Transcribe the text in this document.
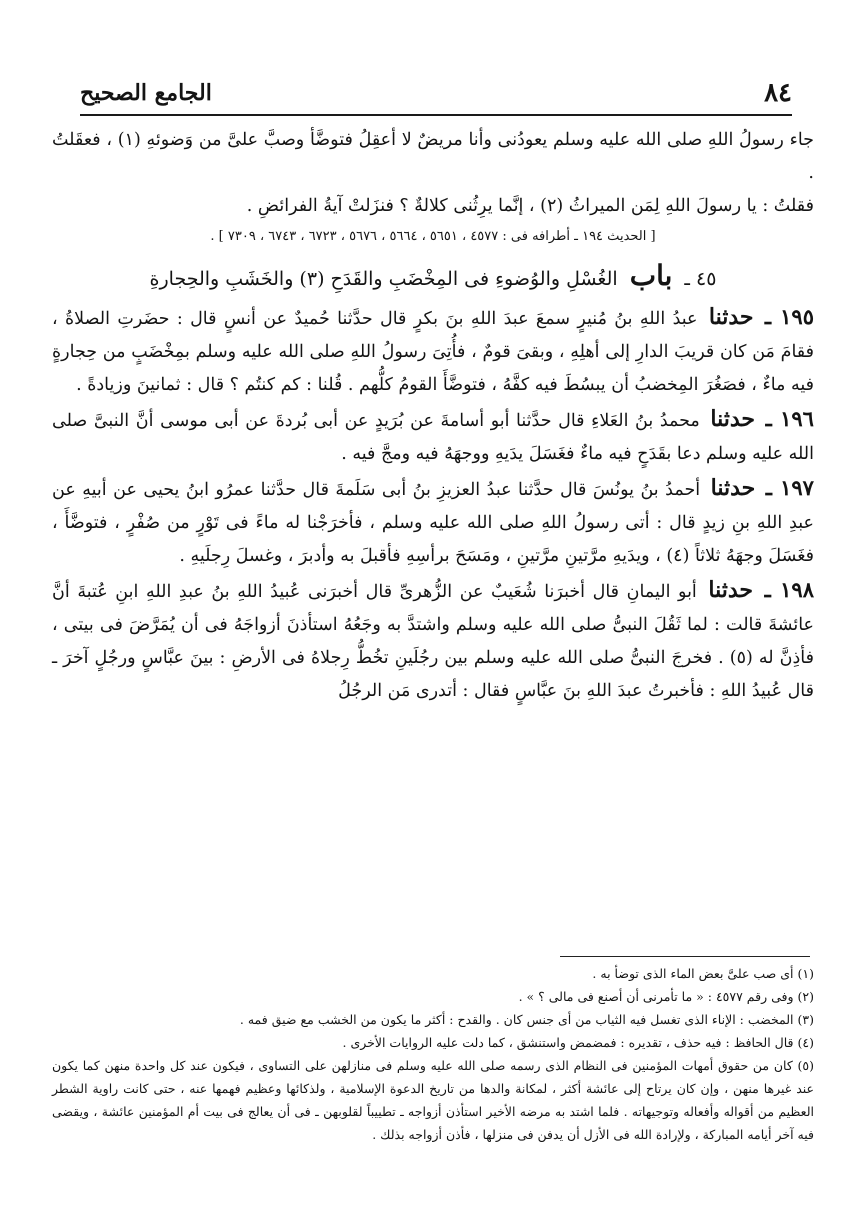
٨٤
الجامع الصحيح

جاء رسولُ اللهِ صلى الله عليه وسلم يعودُنى وأنا مريضٌ لا أعقِلُ فتوضَّأ وصبَّ علىَّ من وَضوئهِ (١) ، فعقَلتُ .

فقلتُ : يا رسولَ اللهِ لِمَن الميراثُ (٢) ، إنَّما يرِثُنى كلالةٌ ؟ فنزَلتْ آيةُ الفرائضِ .

[ الحديث ١٩٤ ـ أطرافه فى : ٤٥٧٧ ، ٥٦٥١ ، ٥٦٦٤ ، ٥٦٧٦ ، ٦٧٢٣ ، ٦٧٤٣ ، ٧٣٠٩ ] .
٤٥ ـ باب الغُسْلِ والوُضوءِ فى المِخْضَبِ والقَدَحِ (٣) والخَشَبِ والحِجارةِ

١٩٥ ـ حدثنا عبدُ اللهِ بنُ مُنيرٍ سمعَ عبدَ اللهِ بنَ بكرٍ قال حدَّثنا حُميدٌ عن أنسٍ قال : حضَرتِ الصلاةُ ، فقامَ مَن كان قريبَ الدارِ إلى أهلِهِ ، وبقىَ قومٌ ، فأُتِىَ رسولُ اللهِ صلى الله عليه وسلم بمِخْضَبٍ من حِجارةٍ فيه ماءٌ ، فصَغُرَ المِخضبُ أن يبسُطَ فيه كفَّهُ ، فتوضَّأَ القومُ كلُّهم . قُلنا : كم كنتُم ؟ قال : ثمانينَ وزيادةً .

١٩٦ ـ حدثنا محمدُ بنُ العَلاءِ قال حدَّثنا أبو أسامةَ عن بُرَيدٍ عن أبى بُردةَ عن أبى موسى أنَّ النبىَّ صلى الله عليه وسلم دعا بقَدَحٍ فيه ماءٌ فغَسَلَ يدَيهِ ووجهَهُ فيه ومجَّ فيه .

١٩٧ ـ حدثنا أحمدُ بنُ يونُسَ قال حدَّثنا عبدُ العزيزِ بنُ أبى سَلَمةَ قال حدَّثنا عمرُو ابنُ يحيى عن أبيهِ عن عبدِ اللهِ بنِ زيدٍ قال : أتى رسولُ اللهِ صلى الله عليه وسلم ، فأخرَجْنا له ماءً فى تَوْرٍ من صُفْرٍ ، فتوضَّأَ ، فغَسَلَ وجهَهُ ثلاثاً (٤) ، ويدَيهِ مرَّتينِ مرَّتينِ ، ومَسَحَ برأسِهِ فأقبلَ به وأدبرَ ، وغسلَ رِجلَيهِ .

١٩٨ ـ حدثنا أبو اليمانِ قال أخبرَنا شُعَيبٌ عن الزُّهرىِّ قال أخبرَنى عُبيدُ اللهِ بنُ عبدِ اللهِ ابنِ عُتبةَ أنَّ عائشةَ قالت : لما ثَقُلَ النبىُّ صلى الله عليه وسلم واشتدَّ به وجَعُهُ استأذنَ أزواجَهُ فى أن يُمَرَّضَ فى بيتى ، فأذِنَّ له (٥) . فخرجَ النبىُّ صلى الله عليه وسلم بين رجُلَينِ تخُطُّ رِجلاهُ فى الأرضِ : بينَ عبَّاسٍ ورجُلٍ آخرَ ـ قال عُبيدُ اللهِ : فأخبرتُ عبدَ اللهِ بنَ عبَّاسٍ فقال : أتدرى مَن الرجُلُ

(١) أى صب علىَّ بعض الماء الذى توضأ به .

(٢) وفى رقم ٤٥٧٧ : « ما تأمرنى أن أصنع فى مالى ؟ » .

(٣) المخضب : الإناء الذى تغسل فيه الثياب من أى جنس كان . والقدح : أكثر ما يكون من الخشب مع ضيق فمه .

(٤) قال الحافظ : فيه حذف ، تقديره : فمضمض واستنشق ، كما دلت عليه الروايات الأخرى .

(٥) كان من حقوق أمهات المؤمنين فى النظام الذى رسمه صلى الله عليه وسلم فى منازلهن على التساوى ، فيكون عند كل واحدة منهن كما يكون عند غيرها منهن ، وإن كان يرتاح إلى عائشة أكثر ، لمكانة والدها من تاريخ الدعوة الإسلامية ، ولذكائها وعظيم فهمها عنه ، حتى كانت راوية الشطر العظيم من أقواله وأفعاله وتوجيهاته . فلما اشتد به مرضه الأخير استأذن أزواجه ـ تطييباً لقلوبهن ـ فى أن يعالج فى بيت أم المؤمنين عائشة ، ويقضى فيه آخر أيامه المباركة ، ولإرادة الله فى الأزل أن يدفن فى منزلها ، فأذن أزواجه بذلك .
